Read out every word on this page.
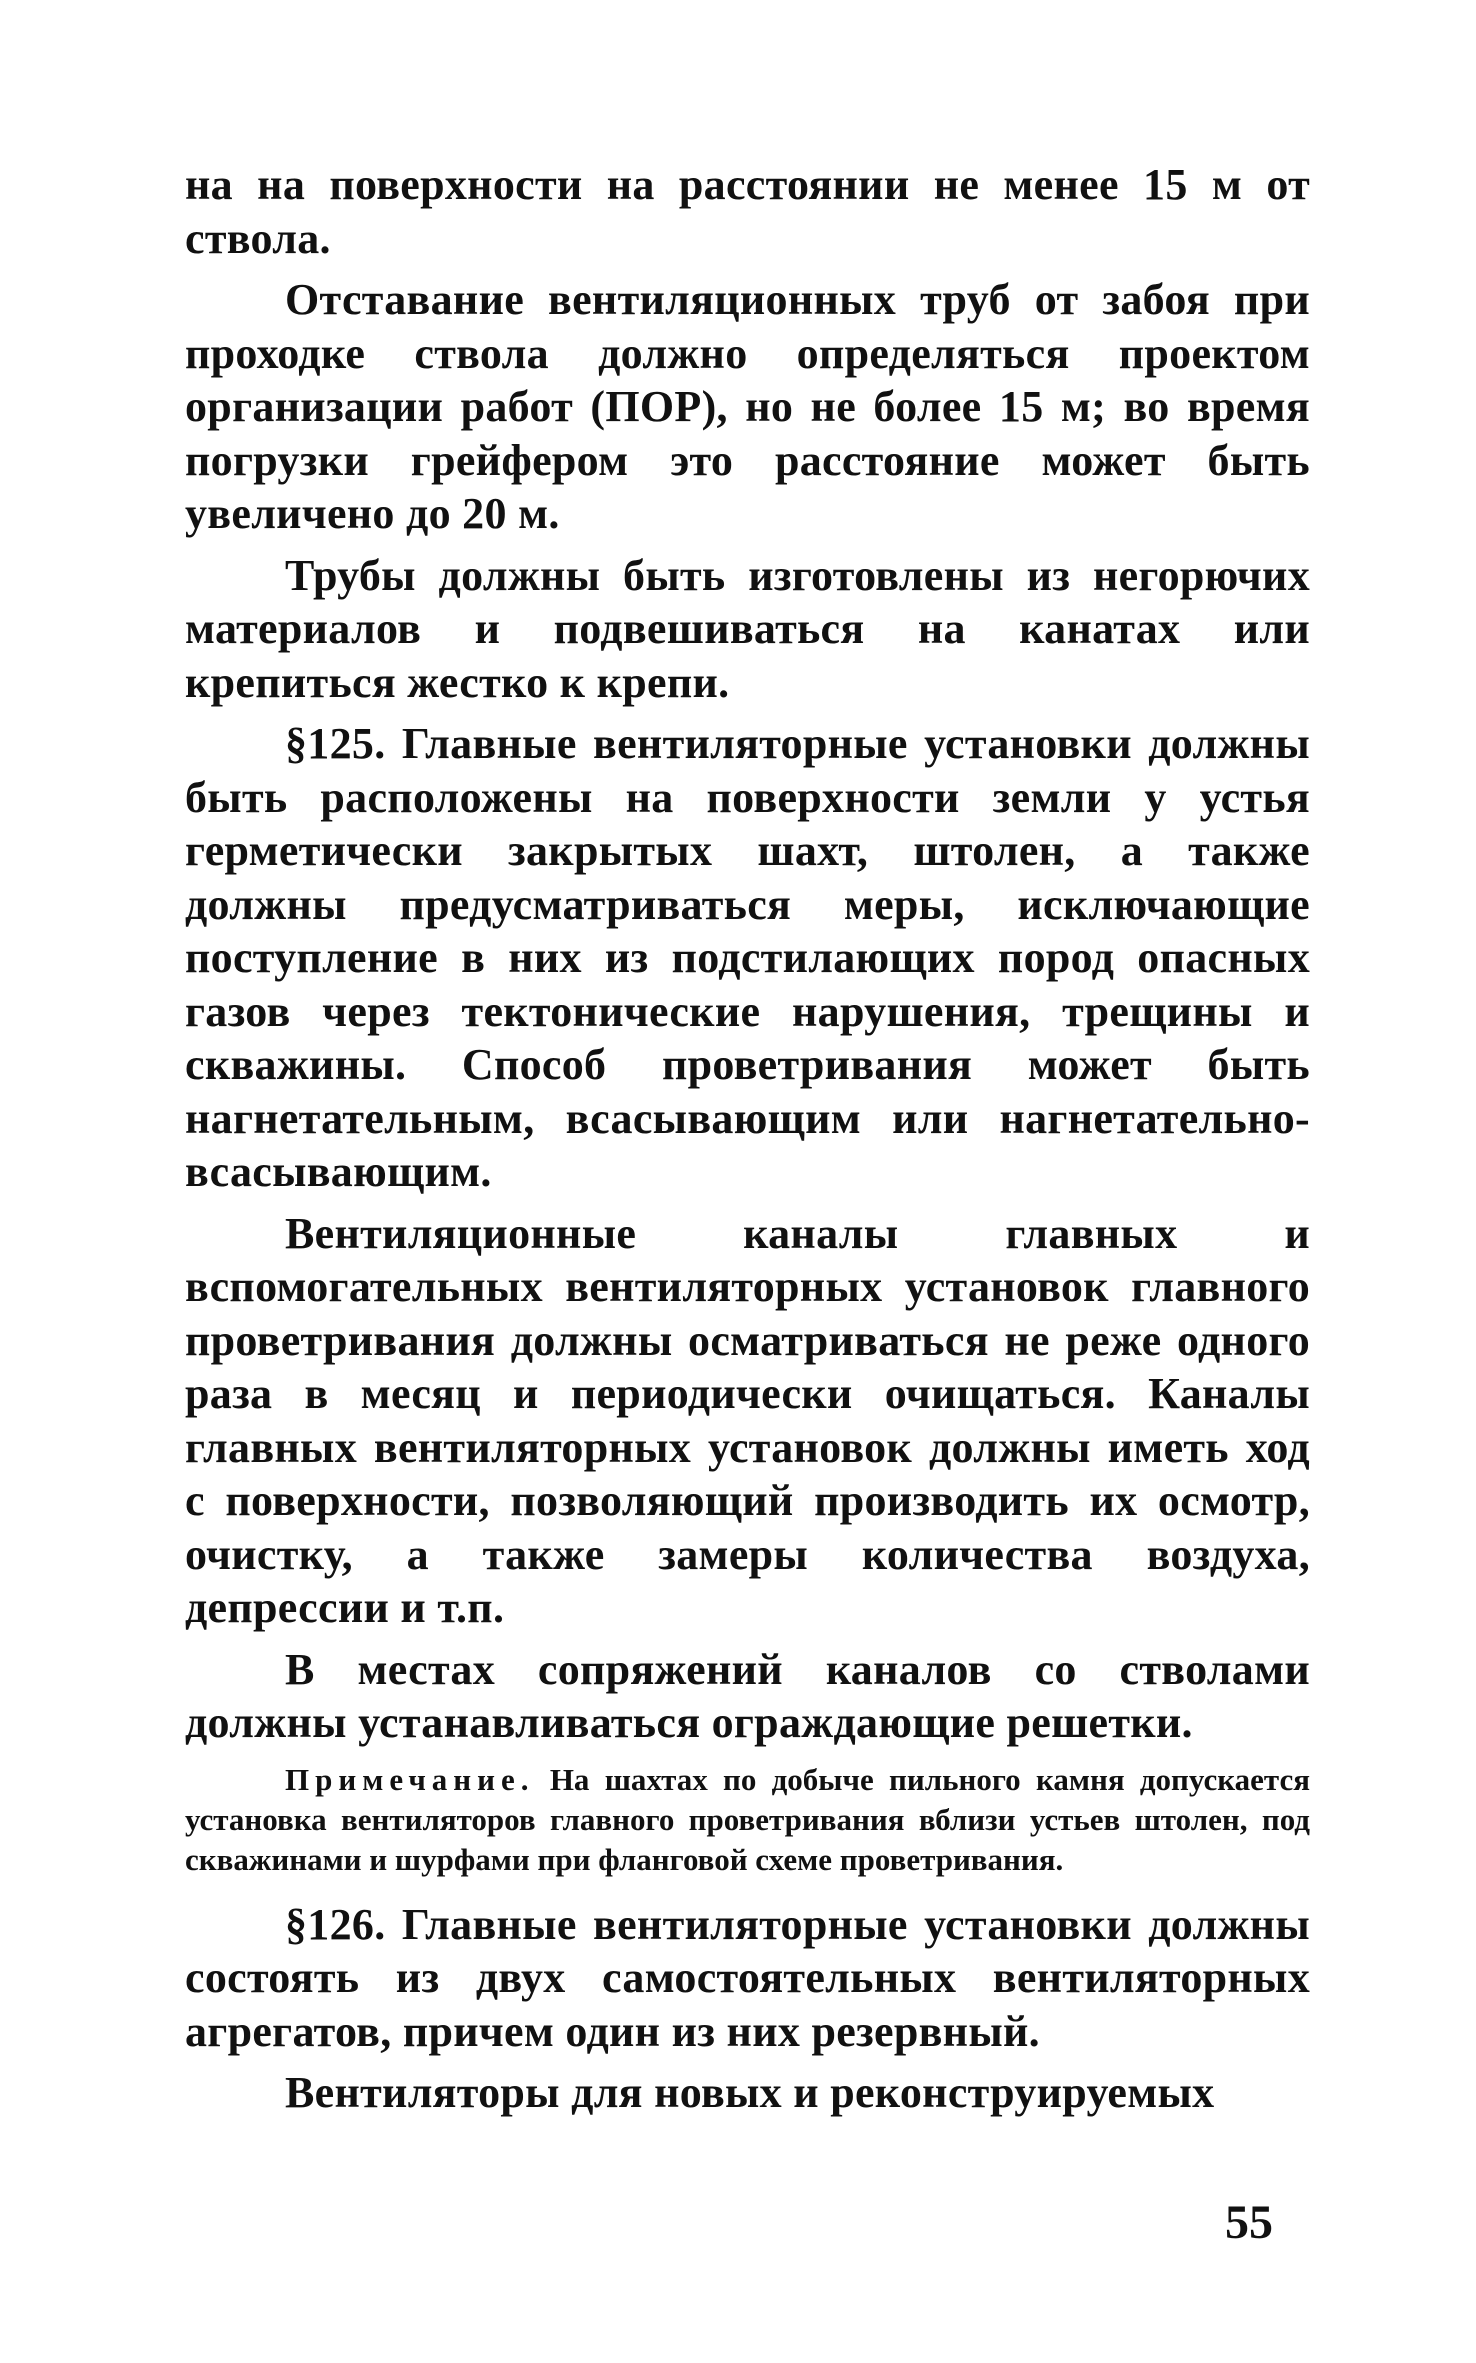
на на поверхности на расстоянии не менее 15 м от ствола.

Отставание вентиляционных труб от забоя при проходке ствола должно определяться проектом организации работ (ПОР), но не более 15 м; во время погрузки грейфером это расстояние может быть увеличено до 20 м.

Трубы должны быть изготовлены из негорючих материалов и подвешиваться на канатах или крепиться жестко к крепи.

§125. Главные вентиляторные установки должны быть расположены на поверхности земли у устья герметически закрытых шахт, штолен, а также должны предусматриваться меры, исключающие поступление в них из подстилающих пород опасных газов через тектонические нарушения, трещины и скважины. Способ проветривания может быть нагнетательным, всасывающим или нагнетательно-всасывающим.

Вентиляционные каналы главных и вспомогательных вентиляторных установок главного проветривания должны осматриваться не реже одного раза в месяц и периодически очищаться. Каналы главных вентиляторных установок должны иметь ход с поверхности, позволяющий производить их осмотр, очистку, а также замеры количества воздуха, депрессии и т.п.

В местах сопряжений каналов со стволами должны устанавливаться ограждающие решетки.

Примечание. На шахтах по добыче пильного камня допускается установка вентиляторов главного проветривания вблизи устьев штолен, под скважинами и шурфами при фланговой схеме проветривания.

§126. Главные вентиляторные установки должны состоять из двух самостоятельных вентиляторных агрегатов, причем один из них резервный.

Вентиляторы для новых и реконструируемых

55
